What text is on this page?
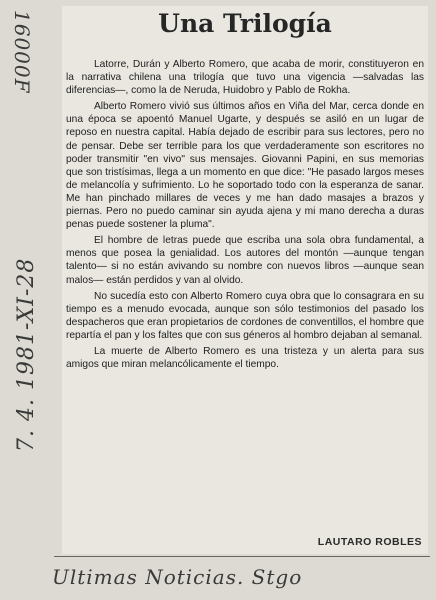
Una Trilogía

Latorre, Durán y Alberto Romero, que acaba de morir, constituyeron en la narrativa chilena una trilogía que tuvo una vigencia —salvadas las diferencias—, como la de Neruda, Huidobro y Pablo de Rokha.

Alberto Romero vivió sus últimos años en Viña del Mar, cerca donde en una época se apoentó Manuel Ugarte, y después se asiló en un lugar de reposo en nuestra capital. Había dejado de escribir para sus lectores, pero no de pensar. Debe ser terrible para los que verdaderamente son escritores no poder transmitir "en vivo" sus mensajes. Giovanni Papini, en sus memorias que son tristísimas, llega a un momento en que dice: "He pasado largos meses de melancolía y sufrimiento. Lo he soportado todo con la esperanza de sanar. Me han pinchado millares de veces y me han dado masajes a brazos y piernas. Pero no puedo caminar sin ayuda ajena y mi mano derecha a duras penas puede sostener la pluma".

El hombre de letras puede que escriba una sola obra fundamental, a menos que posea la genialidad. Los autores del montón —aunque tengan talento— si no están avivando su nombre con nuevos libros —aunque sean malos— están perdidos y van al olvido.

No sucedía esto con Alberto Romero cuya obra que lo consagrara en su tiempo es a menudo evocada, aunque son sólo testimonios del pasado los despacheros que eran propietarios de cordones de conventillos, el hombre que repartía el pan y los faltes que con sus géneros al hombro dejaban al semanal.

La muerte de Alberto Romero es una tristeza y un alerta para sus amigos que miran melancólicamente el tiempo.

LAUTARO ROBLES
16000F
7. 4. 1981-XI-28
Ultimas Noticias. Stgo
